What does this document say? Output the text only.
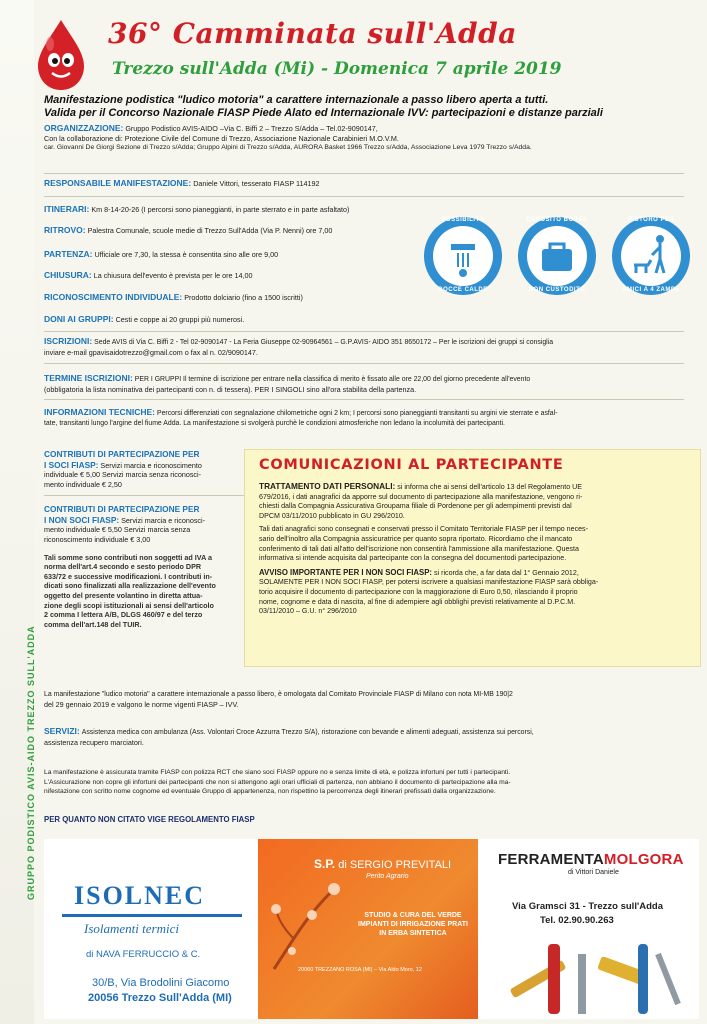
GRUPPO PODISTICO AVIS-AIDO TREZZO SULL'ADDA
36° Camminata sull'Adda
Trezzo sull'Adda (Mi) - Domenica 7 aprile 2019
Manifestazione podistica "ludico motoria" a carattere internazionale a passo libero aperta a tutti.
Valida per il Concorso Nazionale FIASP Piede Alato ed Internazionale IVV: partecipazioni e distanze parziali
ORGANIZZAZIONE: Gruppo Podistico AVIS-AIDO –Via C. Biffi 2 – Trezzo S/Adda – Tel.02-9090147,
Con la collaborazione di: Protezione Civile del Comune di Trezzo, Associazione Nazionale Carabinieri M.O.V.M.
car. Giovanni De Giorgi Sezione di Trezzo s/Adda; Gruppo Alpini di Trezzo s/Adda, AURORA Basket 1966 Trezzo s/Adda, Associazione Leva 1979 Trezzo s/Adda.
RESPONSABILE MANIFESTAZIONE: Daniele Vittori, tesserato FIASP 114192
ITINERARI: Km 8-14-20-26 (I percorsi sono pianeggianti, in parte sterrato e in parte asfaltato)
RITROVO: Palestra Comunale, scuole medie di Trezzo Sull'Adda (Via P. Nenni) ore 7,00
PARTENZA: Ufficiale ore 7,30, la stessa è consentita sino alle ore 9,00
CHIUSURA: La chiusura dell'evento è prevista per le ore 14,00
RICONOSCIMENTO INDIVIDUALE: Prodotto dolciario (fino a 1500 iscritti)
DONI AI GRUPPI: Cesti e coppe ai 20 gruppi più numerosi.
POSSIBILITÀ
DOCCE CALDE
DEPOSITO BORSE
NON CUSTODITO
RISTORO PER
AMICI A 4 ZAMPE
ISCRIZIONI: Sede AVIS di Via C. Biffi 2 - Tel 02-9090147 - La Feria Giuseppe 02-90964561 – G.P.AVIS- AIDO 351 8650172 – Per le iscrizioni dei gruppi si consiglia
inviare e-mail gpavisaidotrezzo@gmail.com o fax al n. 02/9090147.
TERMINE ISCRIZIONI: PER I GRUPPI Il termine di iscrizione per entrare nella classifica di merito è fissato alle ore 22,00 del giorno precedente all'evento
(obbligatoria la lista nominativa dei partecipanti con n. di tessera). PER I SINGOLI sino all'ora stabilita della partenza.
INFORMAZIONI TECNICHE: Percorsi differenziati con segnalazione chilometriche ogni 2 km; I percorsi sono pianeggianti transitanti su argini vie sterrate e asfal-
tate, transitanti lungo l'argine del fiume Adda. La manifestazione si svolgerà purchè le condizioni atmosferiche non ledano la incolumità dei partecipanti.
CONTRIBUTI DI PARTECIPAZIONE PER
I SOCI FIASP: Servizi marcia e riconoscimento
individuale € 5,00 Servizi marcia senza riconosci-
mento individuale € 2,50
CONTRIBUTI DI PARTECIPAZIONE PER
I NON SOCI FIASP: Servizi marcia e riconosci-
mento individuale € 5,50 Servizi marcia senza
riconoscimento individuale € 3,00
Tali somme sono contributi non soggetti ad IVA a
norma dell'art.4 secondo e sesto periodo DPR
633/72 e successive modificazioni. I contributi in-
dicati sono finalizzati alla realizzazione dell'evento
oggetto del presente volantino in diretta attua-
zione degli scopi istituzionali ai sensi dell'articolo
2 comma I lettera A/B, DLGS 460/97 e del terzo
comma dell'art.148 del TUIR.
COMUNICAZIONI AL PARTECIPANTE

TRATTAMENTO DATI PERSONALI: si informa che ai sensi dell'articolo 13 del Regolamento UE
679/2016, i dati anagrafici da apporre sul documento di partecipazione alla manifestazione, vengono ri-
chiesti dalla Compagnia Assicurativa Groupama filiale di Pordenone per gli adempimenti previsti dal
DPCM 03/11/2010 pubblicato in GU 296/2010.

Tali dati anagrafici sono consegnati e conservati presso il Comitato Territoriale FIASP per il tempo neces-
sario dell'inoltro alla Compagnia assicuratrice per quanto sopra riportato. Ricordiamo che il mancato
conferimento di tali dati all'atto dell'iscrizione non consentirà l'ammissione alla manifestazione. Questa
informativa si intende acquisita dal partecipante con la consegna del documentodi partecipazione.

AVVISO IMPORTANTE PER I NON SOCI FIASP: si ricorda che, a far data dal 1° Gennaio 2012,
SOLAMENTE PER I NON SOCI FIASP, per potersi iscrivere a qualsiasi manifestazione FIASP sarà obbliga-
torio acquisire il documento di partecipazione con la maggiorazione di Euro 0,50, rilasciando il proprio
nome, cognome e data di nascita, al fine di adempiere agli obblighi previsti relativamente al D.P.C.M.
03/11/2010 – G.U. n° 296/2010

La manifestazione "ludico motoria" a carattere internazionale a passo libero, è omologata dal Comitato Provinciale FIASP di Milano con nota MI-MB 190|2
del 29 gennaio 2019 e valgono le norme vigenti FIASP – IVV.
SERVIZI: Assistenza medica con ambulanza (Ass. Volontari Croce Azzurra Trezzo S/A), ristorazione con bevande e alimenti adeguati, assistenza sui percorsi,
assistenza recupero marciatori.
La manifestazione è assicurata tramite FIASP con polizza RCT che siano soci FIASP oppure no e senza limite di età, e polizza infortuni per tutti i partecipanti.
L'Assicurazione non copre gli infortuni dei partecipanti che non si attengono agli orari ufficiali di partenza, non abbiano il documento di partecipazione alla ma-
nifestazione con scritto nome cognome ed eventuale Gruppo di appartenenza, non rispettino la percorrenza degli itinerari prefissati dalla organizzazione.
PER QUANTO NON CITATO VIGE REGOLAMENTO FIASP
ISOLNEC
Isolamenti termici
di NAVA FERRUCCIO & C.
30/B, Via Brodolini Giacomo
20056 Trezzo Sull'Adda (MI)
S.P. di SERGIO PREVITALI
Perito Agrario
STUDIO & CURA DEL VERDE IMPIANTI DI IRRIGAZIONE PRATI IN ERBA SINTETICA
20060 TREZZANO ROSA (MI) – Via Aldo Moro, 12
FERRAMENTAMOLGORA
di Vittori Daniele
Via Gramsci 31 - Trezzo sull'Adda
Tel. 02.90.90.263
